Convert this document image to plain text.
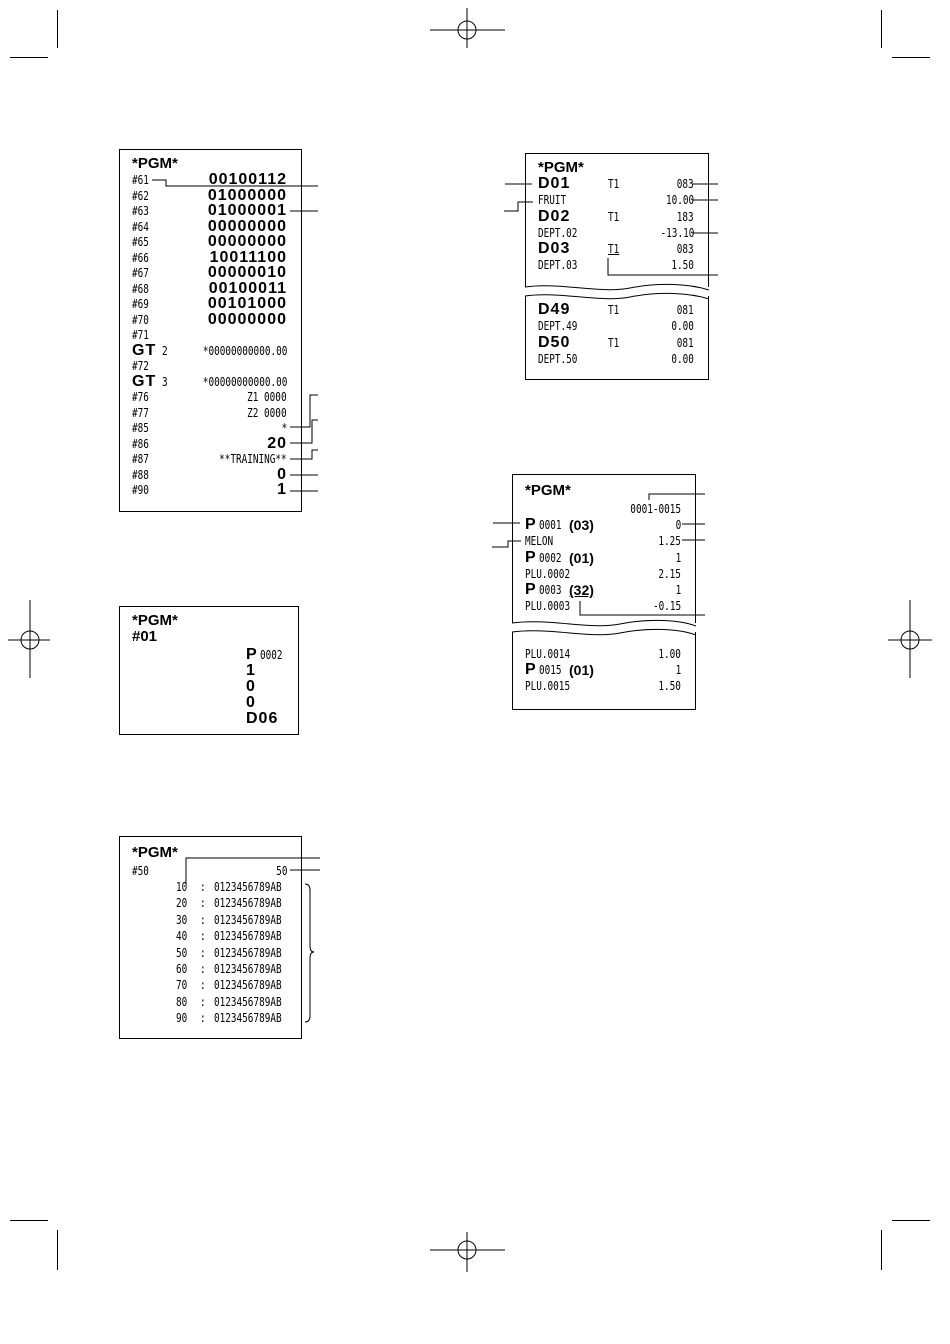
*PGM*
#61	00100112
#62	01000000
#63	01000001
#64	00000000
#65	00000000
#66	10011100
#67	00000010
#68	00100011
#69	00101000
#70	00000000
#71
GT 2	*00000000000.00
#72
GT 3	*00000000000.00
#76	Z1 0000
#77	Z2 0000
#85	*
#86	20
#87	**TRAINING**
#88	0
#90	1
*PGM*
#01
P 0002
1
0
0
D06
*PGM*
#50	50
10 : 0123456789AB
20 : 0123456789AB
30 : 0123456789AB
40 : 0123456789AB
50 : 0123456789AB
60 : 0123456789AB
70 : 0123456789AB
80 : 0123456789AB
90 : 0123456789AB
*PGM*
D01	T1	083
FRUIT	10.00
D02	T1	183
DEPT.02	-13.10
D03	T1	083
DEPT.03	1.50
D49	T1	081
DEPT.49	0.00
D50	T1	081
DEPT.50	0.00
*PGM*
0001-0015
P 0001 (03)	0
MELON	1.25
P 0002 (01)	1
PLU.0002	2.15
P 0003 (32)	1
PLU.0003	-0.15
PLU.0014	1.00
P 0015 (01)	1
PLU.0015	1.50
